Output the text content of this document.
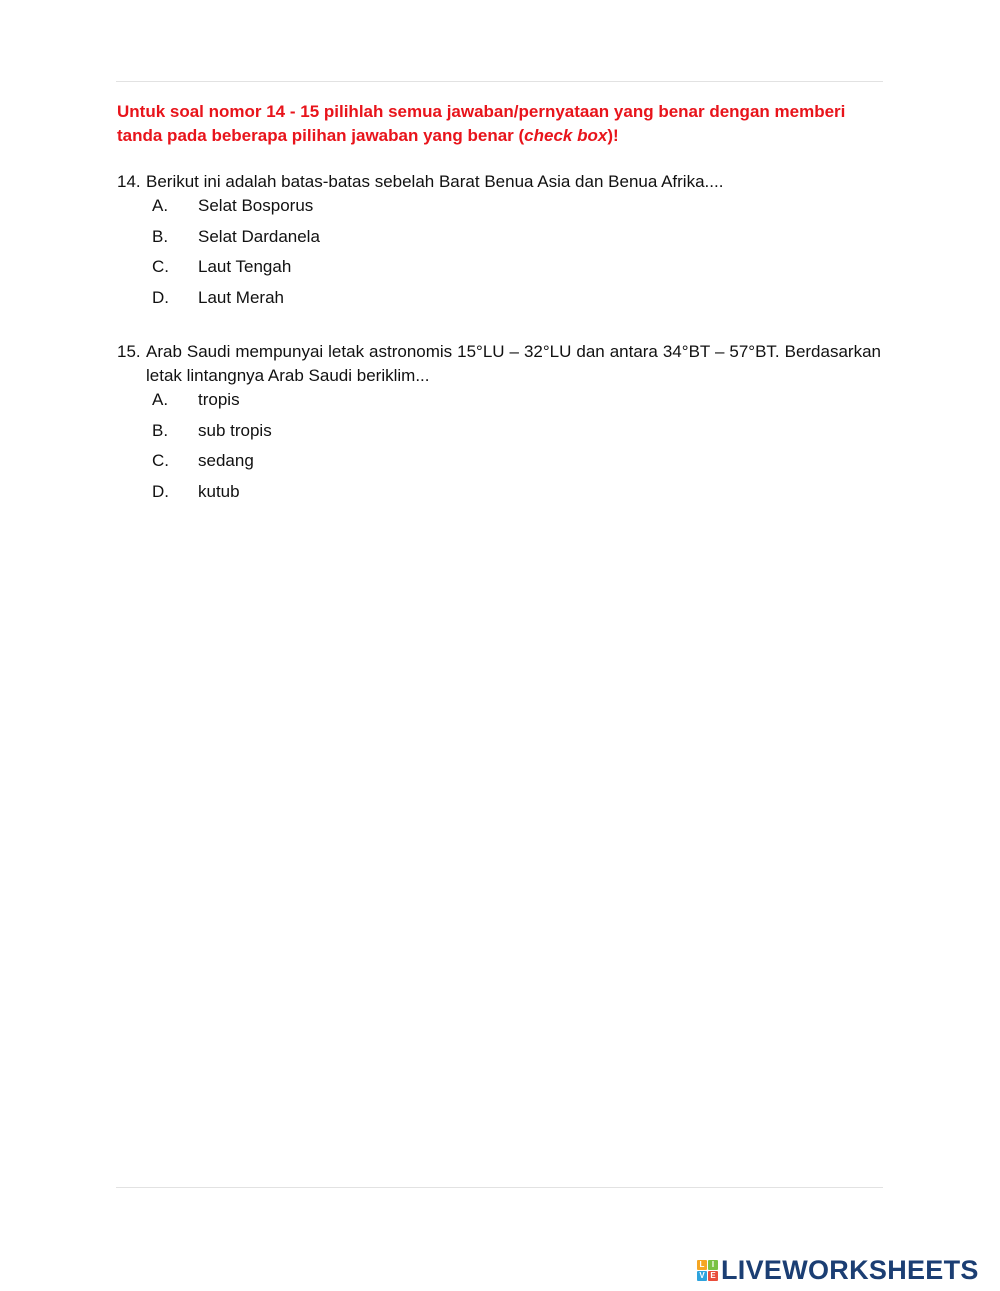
Untuk soal nomor 14 - 15 pilihlah semua jawaban/pernyataan yang benar dengan memberi tanda pada beberapa pilihan jawaban yang benar (check box)!
14. Berikut ini adalah batas-batas sebelah Barat Benua Asia dan Benua Afrika....
A.	Selat Bosporus
B.	Selat Dardanela
C.	Laut Tengah
D.	Laut Merah
15. Arab Saudi mempunyai letak astronomis 15°LU – 32°LU dan antara 34°BT – 57°BT. Berdasarkan letak lintangnya Arab Saudi beriklim...
A.	tropis
B.	sub tropis
C.	sedang
D.	kutub
L I
V E LIVEWORKSHEETS
